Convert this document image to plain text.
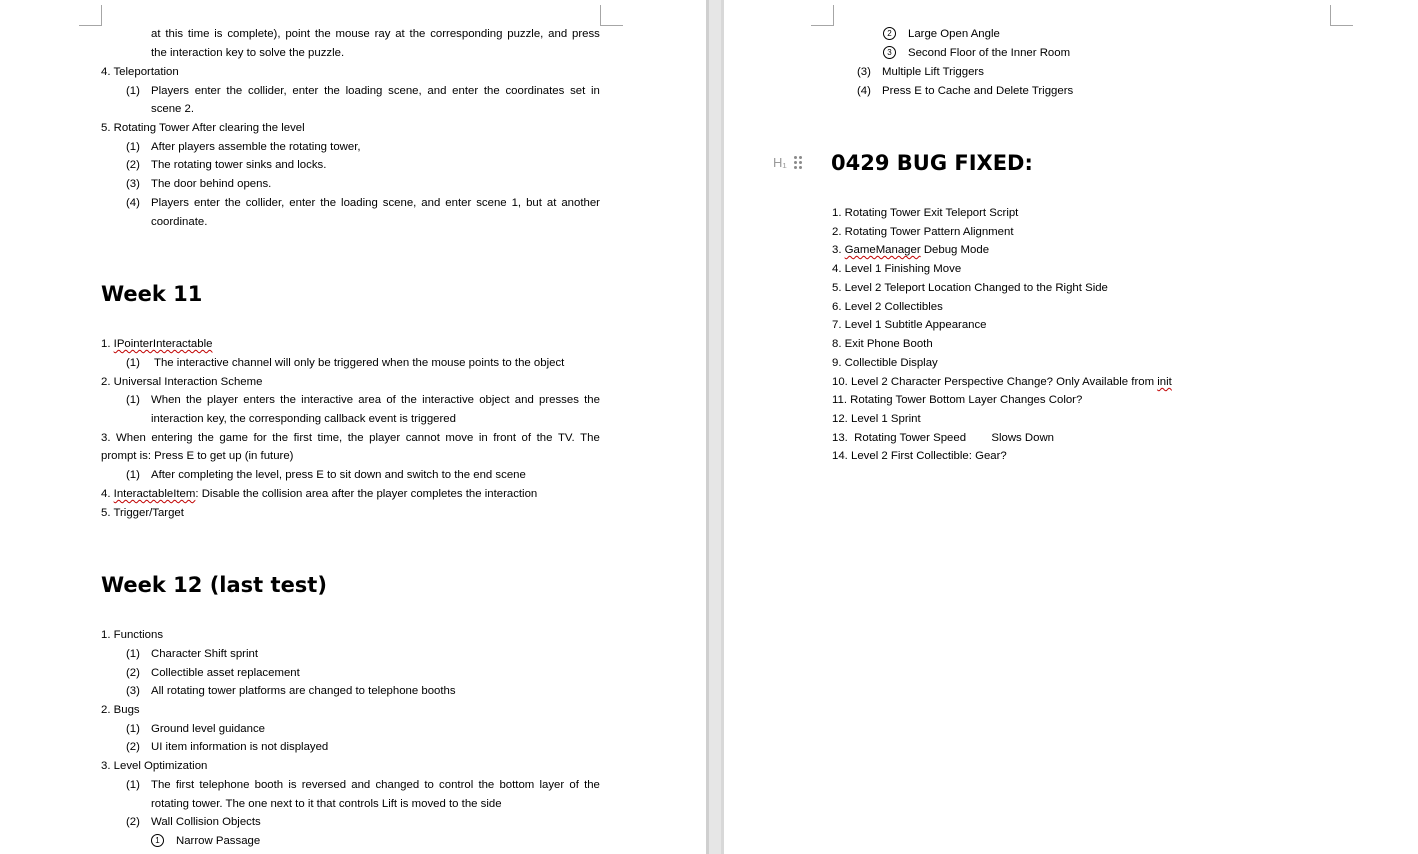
at this time is complete), point the mouse ray at the corresponding puzzle, and press
the interaction key to solve the puzzle.
4. Teleportation
(1) Players enter the collider, enter the loading scene, and enter the coordinates set in
scene 2.
5. Rotating Tower After clearing the level
(1) After players assemble the rotating tower,
(2) The rotating tower sinks and locks.
(3) The door behind opens.
(4) Players enter the collider, enter the loading scene, and enter scene 1, but at another
coordinate.
Week 11
1. IPointerInteractable
(1) The interactive channel will only be triggered when the mouse points to the object
2. Universal Interaction Scheme
(1) When the player enters the interactive area of the interactive object and presses the
interaction key, the corresponding callback event is triggered
3. When entering the game for the first time, the player cannot move in front of the TV. The
prompt is: Press E to get up (in future)
(1) After completing the level, press E to sit down and switch to the end scene
4. InteractableItem: Disable the collision area after the player completes the interaction
5. Trigger/Target
Week 12 (last test)
1. Functions
(1) Character Shift sprint
(2) Collectible asset replacement
(3) All rotating tower platforms are changed to telephone booths
2. Bugs
(1) Ground level guidance
(2) UI item information is not displayed
3. Level Optimization
(1) The first telephone booth is reversed and changed to control the bottom layer of the
rotating tower. The one next to it that controls Lift is moved to the side
(2) Wall Collision Objects
1 Narrow Passage
2 Large Open Angle
3 Second Floor of the Inner Room
(3) Multiple Lift Triggers
(4) Press E to Cache and Delete Triggers
H₁ 0429 BUG FIXED:
1. Rotating Tower Exit Teleport Script
2. Rotating Tower Pattern Alignment
3. GameManager Debug Mode
4. Level 1 Finishing Move
5. Level 2 Teleport Location Changed to the Right Side
6. Level 2 Collectibles
7. Level 1 Subtitle Appearance
8. Exit Phone Booth
9. Collectible Display
10. Level 2 Character Perspective Change? Only Available from init
11. Rotating Tower Bottom Layer Changes Color?
12. Level 1 Sprint
13.  Rotating Tower Speed        Slows Down
14. Level 2 First Collectible: Gear?
